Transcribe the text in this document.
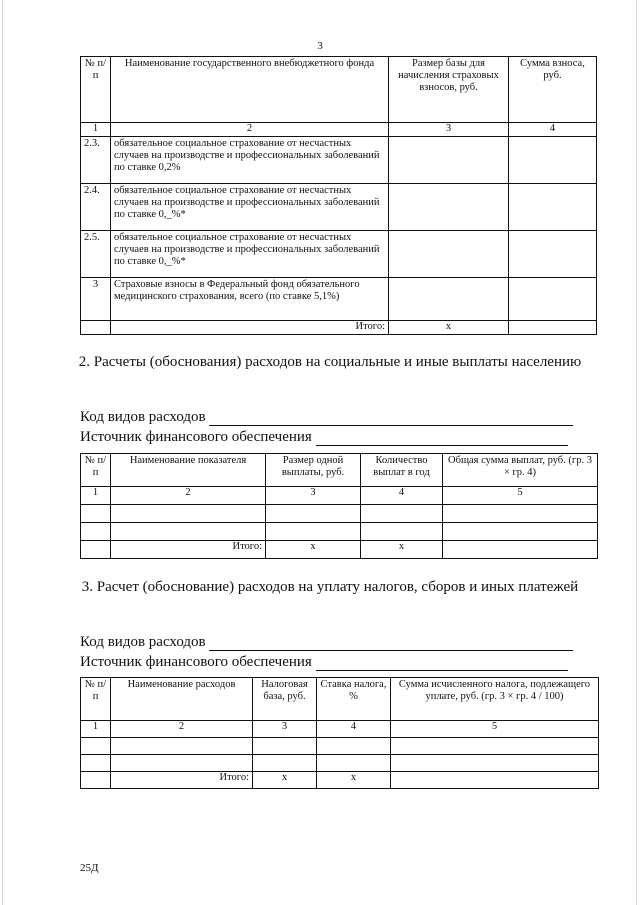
3
№ п/п	Наименование государственного внебюджетного фонда	Размер базы для начисления страховых взносов, руб.	Сумма взноса, руб.
1	2	3	4
2.3.	обязательное социальное страхование от несчастных случаев на производстве и профессиональных заболеваний по ставке 0,2%		
2.4.	обязательное социальное страхование от несчастных случаев на производстве и профессиональных заболеваний по ставке 0,_%*		
2.5.	обязательное социальное страхование от несчастных случаев на производстве и профессиональных заболеваний по ставке 0,_%*		
3	Страховые взносы в Федеральный фонд обязательного медицинского страхования, всего (по ставке 5,1%)		
	Итого:	x	
2. Расчеты (обоснования) расходов на социальные и иные выплаты населению
Код видов расходов
Источник финансового обеспечения
№ п/п	Наименование показателя	Размер одной выплаты, руб.	Количество выплат в год	Общая сумма выплат, руб. (гр. 3 × гр. 4)
1	2	3	4	5

	Итого:	x	x	
3. Расчет (обоснование) расходов на уплату налогов, сборов и иных платежей
Код видов расходов
Источник финансового обеспечения
№ п/п	Наименование расходов	Налоговая база, руб.	Ставка налога, %	Сумма исчисленного налога, подлежащего уплате, руб. (гр. 3 × гр. 4 / 100)
1	2	3	4	5

	Итого:	x	x	
25Д
